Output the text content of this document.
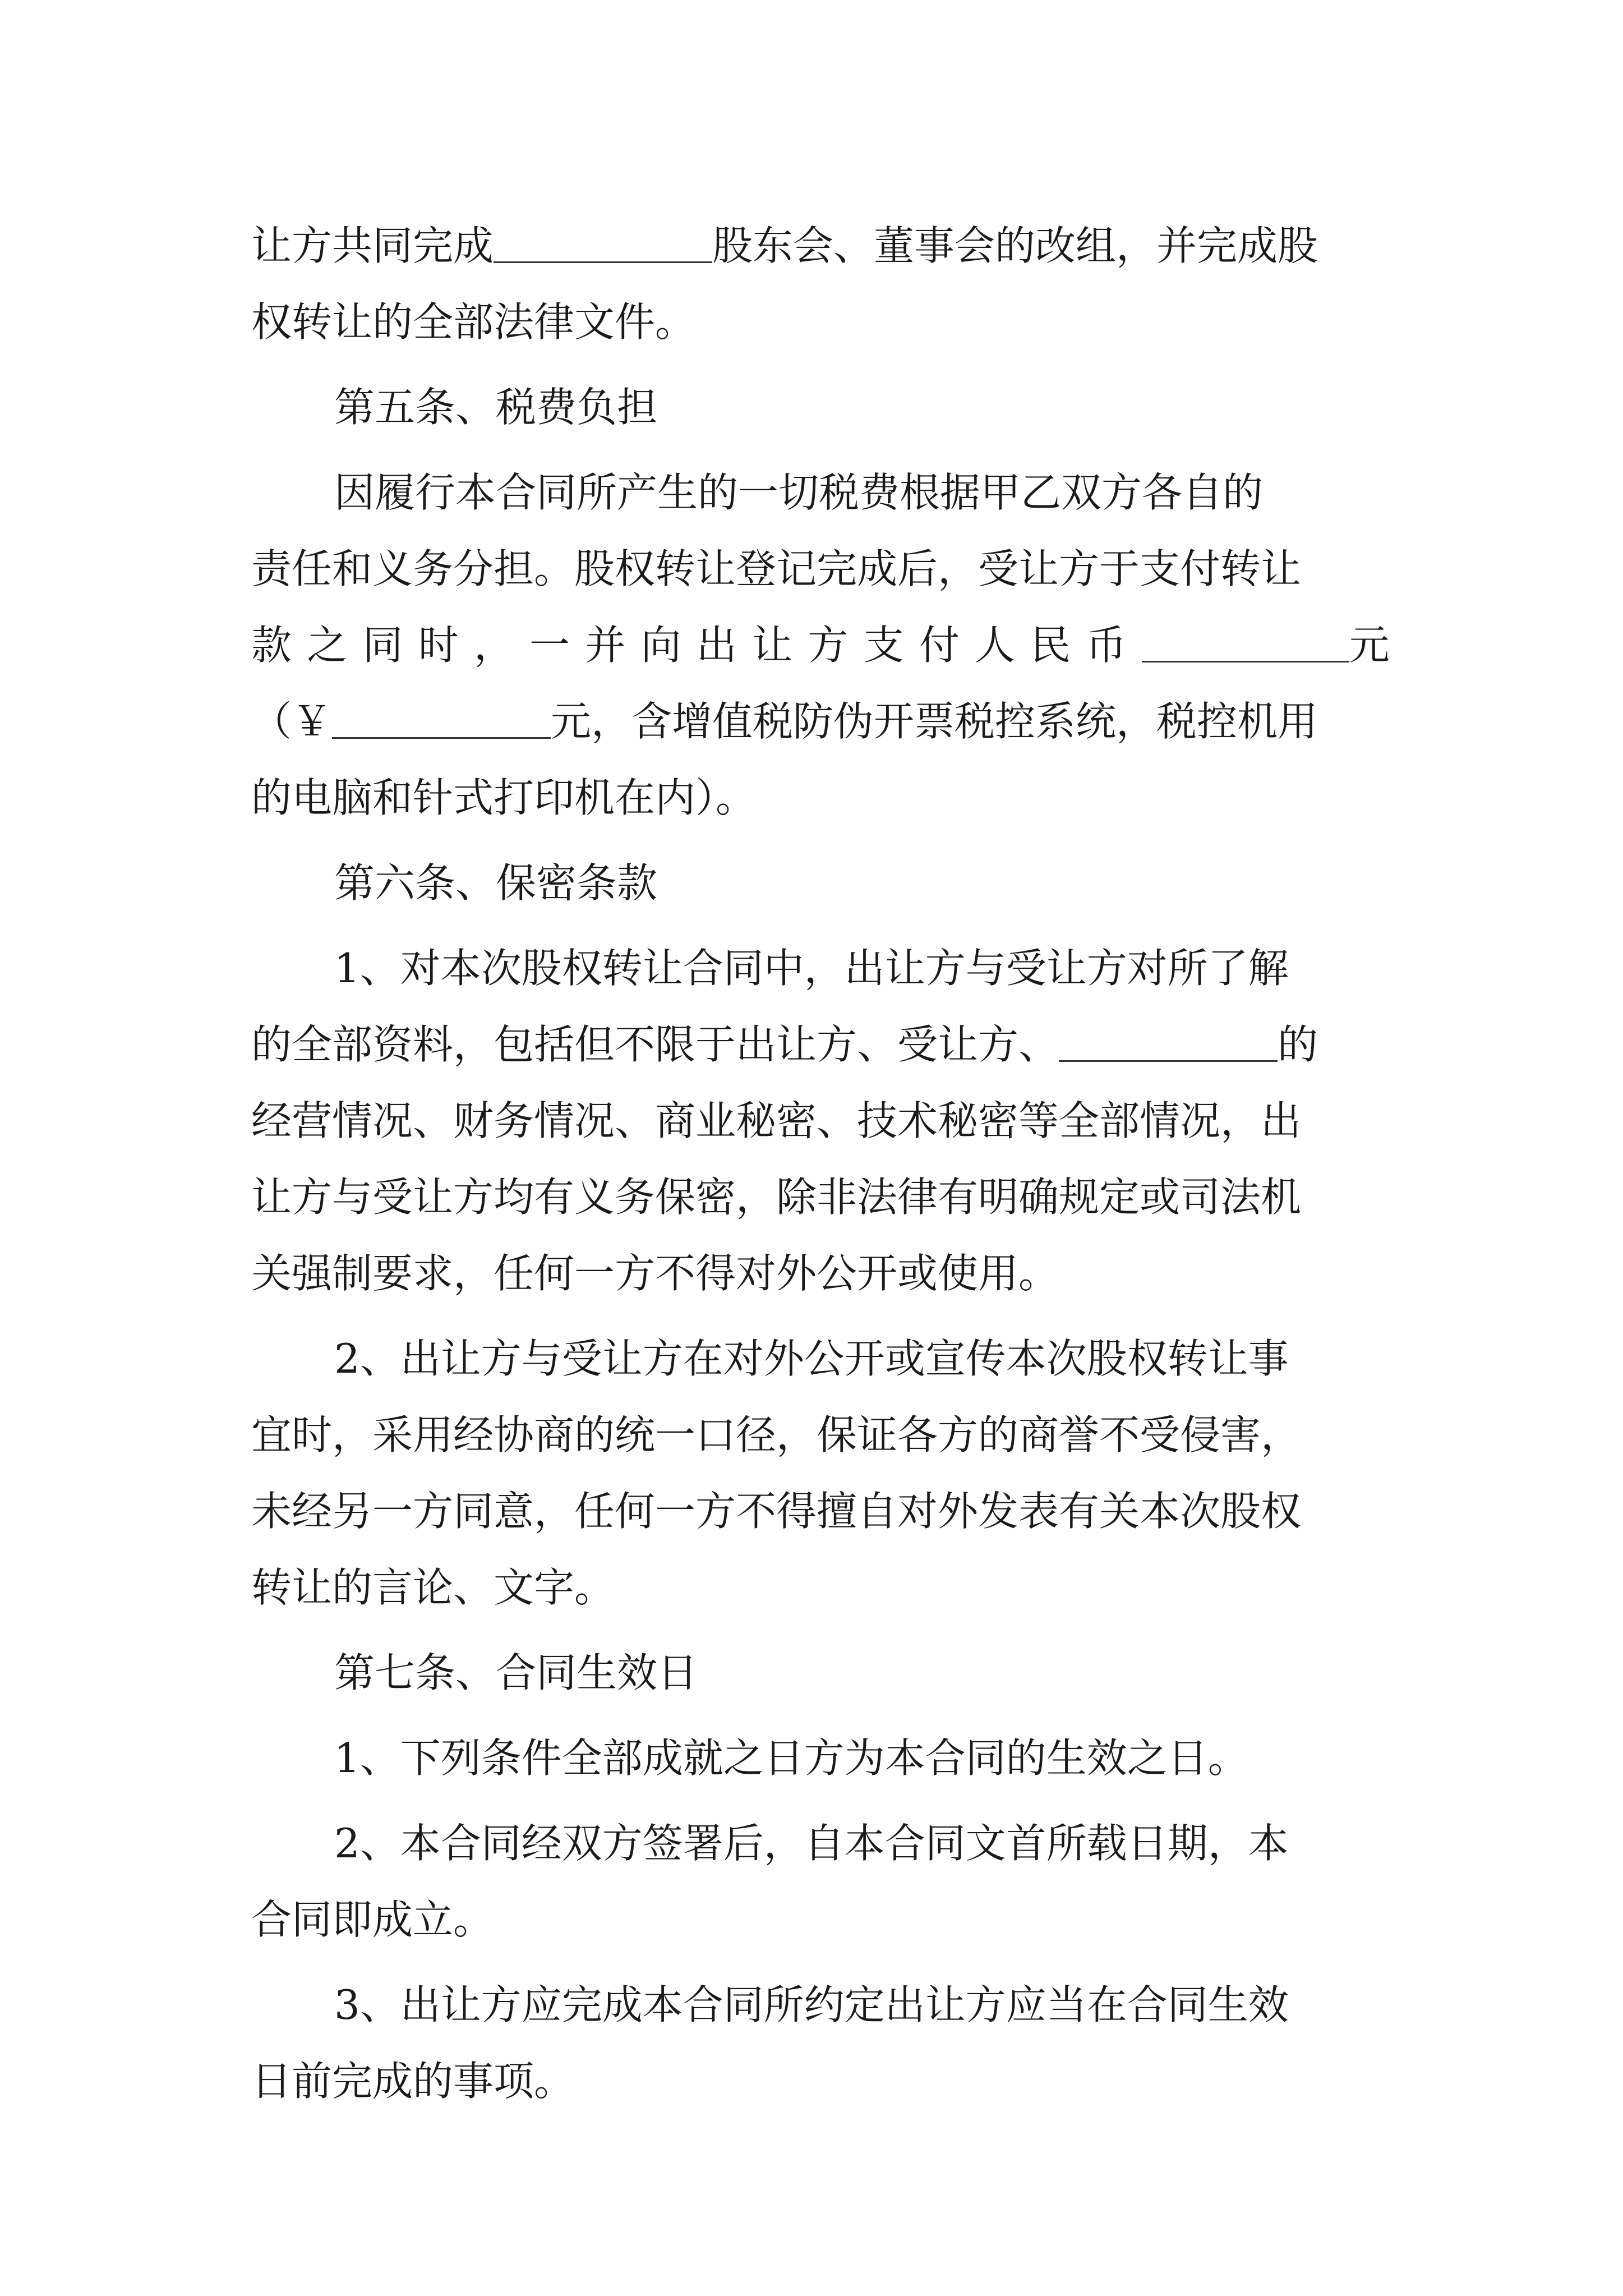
让方共同完成	股东会、董事会的改组，并完成股
权转让的全部法律文件。
第五条、税费负担
因履行本合同所产生的一切税费根据甲乙双方各自的
责任和义务分担。股权转让登记完成后，受让方于支付转让
款 之 同 时 ， 一 并 向 出 让 方 支 付 人 民 币	元
（￥	元，含增值税防伪开票税控系统，税控机用
的电脑和针式打印机在内）。
第六条、保密条款
1、对本次股权转让合同中，出让方与受让方对所了解
的全部资料，包括但不限于出让方、受让方、	的
经营情况、财务情况、商业秘密、技术秘密等全部情况，出
让方与受让方均有义务保密，除非法律有明确规定或司法机
关强制要求，任何一方不得对外公开或使用。
2、出让方与受让方在对外公开或宣传本次股权转让事
宜时，采用经协商的统一口径，保证各方的商誉不受侵害，
未经另一方同意，任何一方不得擅自对外发表有关本次股权
转让的言论、文字。
第七条、合同生效日
1、下列条件全部成就之日方为本合同的生效之日。
2、本合同经双方签署后，自本合同文首所载日期，本
合同即成立。
3、出让方应完成本合同所约定出让方应当在合同生效
日前完成的事项。
